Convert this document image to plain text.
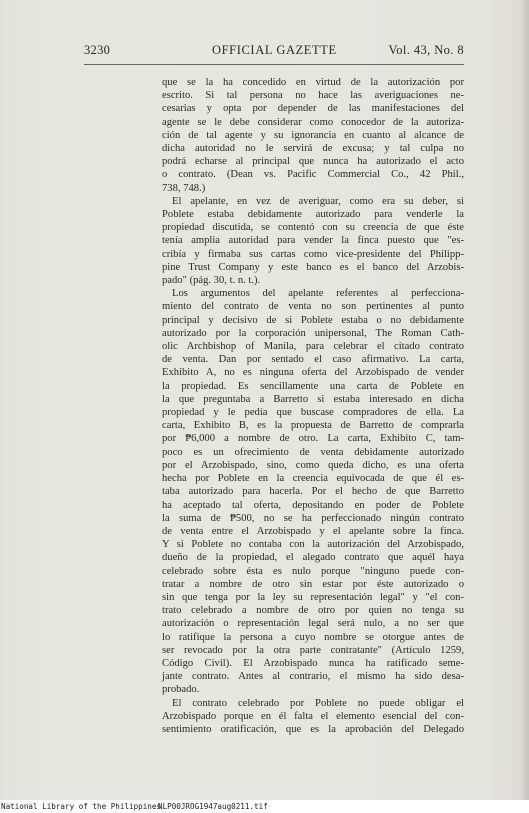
3230	OFFICIAL GAZETTE	Vol. 43, No. 8
que se la ha concedido en virtud de la autorización por
escrito. Si tal persona no hace las averiguaciones ne-
cesarias y opta por depender de las manifestaciones del
agente se le debe considerar como conocedor de la autoriza-
ción de tal agente y su ignorancia en cuanto al alcance de
dicha autoridad no le servirá de excusa; y tal culpa no
podrá echarse al principal que nunca ha autorizado el acto
o contrato. (Dean vs. Pacific Commercial Co., 42 Phil.,
738, 748.)
El apelante, en vez de averiguar, como era su deber, si
Poblete estaba debidamente autorizado para venderle la
propiedad discutida, se contentó con su creencia de que éste
tenía amplia autoridad para vender la finca puesto que "es-
cribía y firmaba sus cartas como vice-presidente del Philipp-
pine Trust Company y este banco es el banco del Arzobis-
pado" (pág. 30, t. n. t.).
Los argumentos del apelante referentes al perfecciona-
miento del contrato de venta no son pertinentes al punto
principal y decisivo de si Poblete estaba o no debidamente
autorizado por la corporación unipersonal, The Roman Cath-
olic Archbishop of Manila, para celebrar el citado contrato
de venta. Dan por sentado el caso afirmativo. La carta,
Exhibito A, no es ninguna oferta del Arzobispado de vender
la propiedad. Es sencillamente una carta de Poblete en
la que preguntaba a Barretto si estaba interesado en dicha
propiedad y le pedía que buscase compradores de ella. La
carta, Exhibito B, es la propuesta de Barretto de comprarla
por ₱6,000 a nombre de otro. La carta, Exhibito C, tam-
poco es un ofrecimiento de venta debidamente autorizado
por el Arzobispado, sino, como queda dicho, es una oferta
hecha por Poblete en la creencia equivocada de que él es-
taba autorizado para hacerla. Por el hecho de que Barretto
ha aceptado tal oferta, depositando en poder de Poblete
la suma de ₱500, no se ha perfeccionado ningún contrato
de venta entre el Arzobispado y el apelante sobre la finca.
Y si Poblete no contaba con la autorización del Arzobispado,
dueño de la propiedad, el alegado contrato que aquél haya
celebrado sobre ésta es nulo porque "ninguno puede con-
tratar a nombre de otro sin estar por éste autorizado o
sin que tenga por la ley su representación legal" y "el con-
trato celebrado a nombre de otro por quien no tenga su
autorización o representación legal será nulo, a no ser que
lo ratifique la persona a cuyo nombre se otorgue antes de
ser revocado por la otra parte contratante" (Artículo 1259,
Código Civil). El Arzobispado nunca ha ratificado seme-
jante contrato. Antes al contrario, el mismo ha sido desa-
probado.
El contrato celebrado por Poblete no puede obligar el
Arzobispado porque en él falta el elemento esencial del con-
sentimiento oratificación, que es la aprobación del Delegado
National Library of the Philippines
NLP00JROG1947aug0211.tif
